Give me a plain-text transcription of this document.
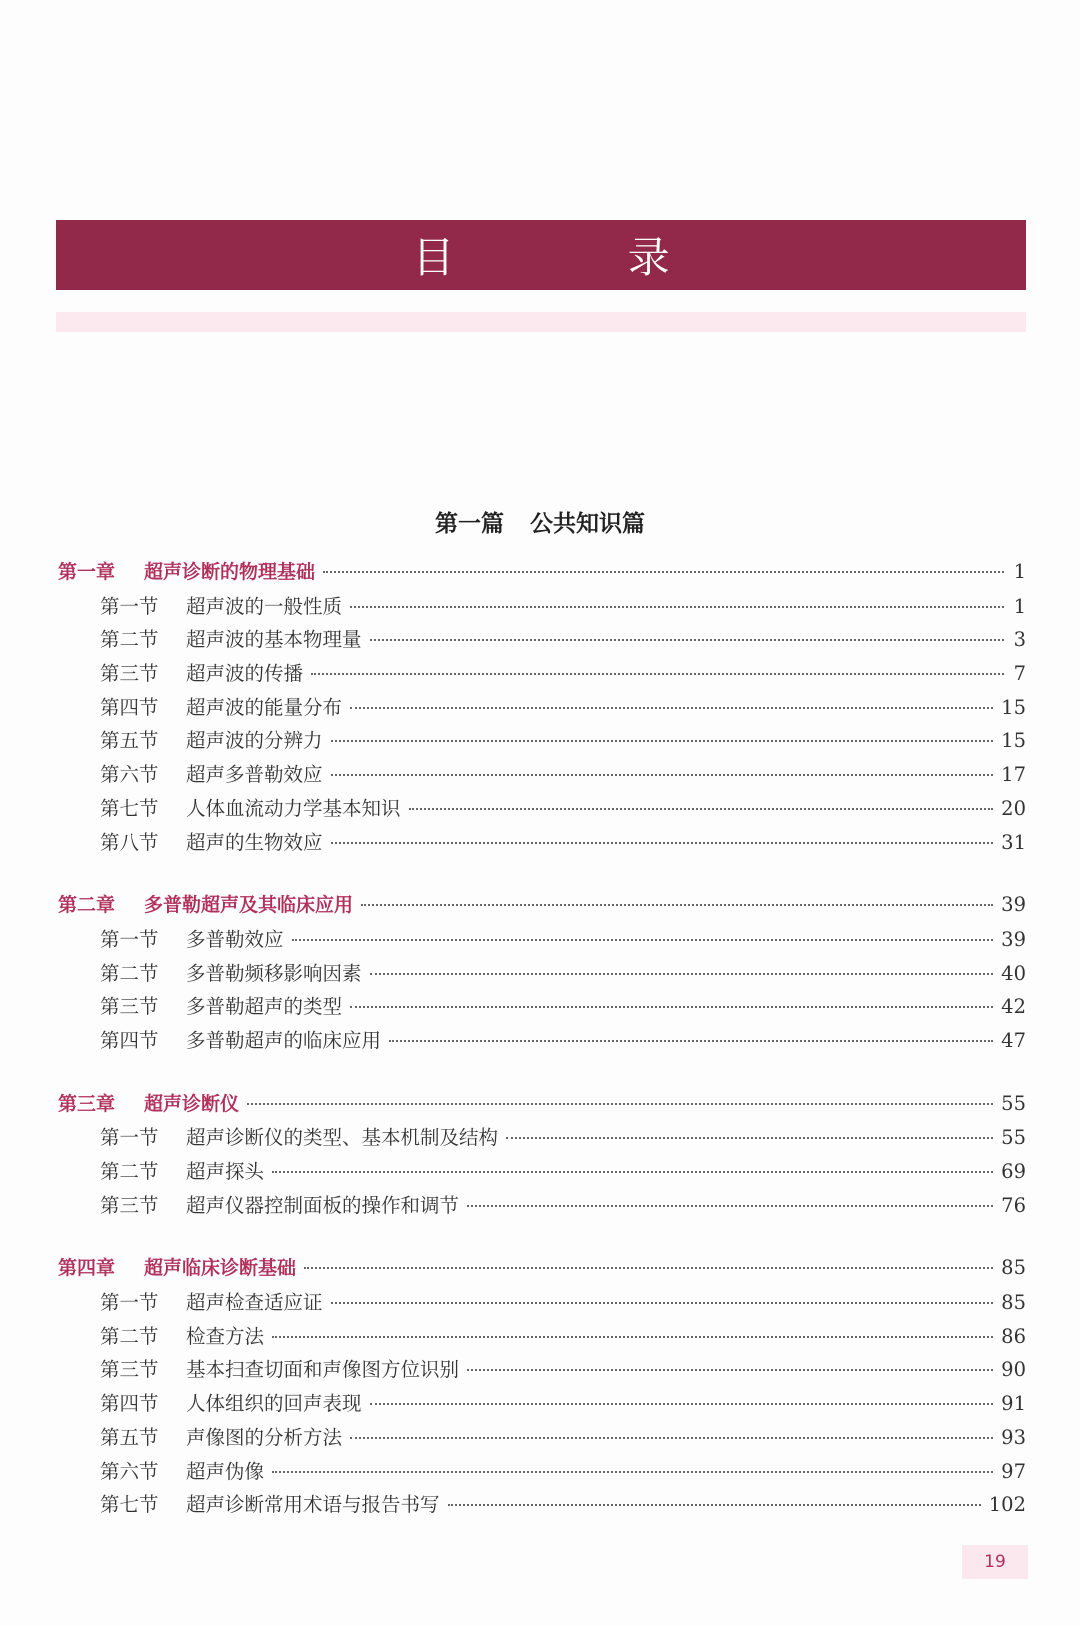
目 录
第一篇 公共知识篇
第一章	超声诊断的物理基础	1
第一节	超声波的一般性质	1
第二节	超声波的基本物理量	3
第三节	超声波的传播	7
第四节	超声波的能量分布	15
第五节	超声波的分辨力	15
第六节	超声多普勒效应	17
第七节	人体血流动力学基本知识	20
第八节	超声的生物效应	31
第二章	多普勒超声及其临床应用	39
第一节	多普勒效应	39
第二节	多普勒频移影响因素	40
第三节	多普勒超声的类型	42
第四节	多普勒超声的临床应用	47
第三章	超声诊断仪	55
第一节	超声诊断仪的类型、基本机制及结构	55
第二节	超声探头	69
第三节	超声仪器控制面板的操作和调节	76
第四章	超声临床诊断基础	85
第一节	超声检查适应证	85
第二节	检查方法	86
第三节	基本扫查切面和声像图方位识别	90
第四节	人体组织的回声表现	91
第五节	声像图的分析方法	93
第六节	超声伪像	97
第七节	超声诊断常用术语与报告书写	102
19
